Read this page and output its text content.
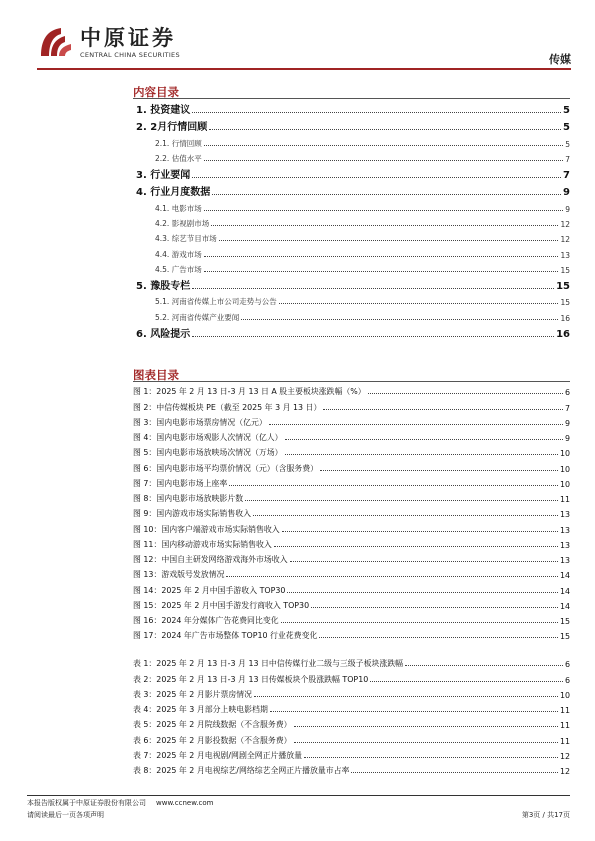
中原证券
CENTRAL CHINA SECURITIES	传媒
内容目录
1. 投资建议	5
2. 2月行情回顾	5
2.1. 行情回顾	5
2.2. 估值水平	7
3. 行业要闻	7
4. 行业月度数据	9
4.1. 电影市场	9
4.2. 影视剧市场	12
4.3. 综艺节目市场	12
4.4. 游戏市场	13
4.5. 广告市场	15
5. 豫股专栏	15
5.1. 河南省传媒上市公司走势与公告	15
5.2. 河南省传媒产业要闻	16
6. 风险提示	16
图表目录
图 1：2025 年 2 月 13 日-3 月 13 日 A 股主要板块涨跌幅（%）	6
图 2：中信传媒板块 PE（截至 2025 年 3 月 13 日）	7
图 3：国内电影市场票房情况（亿元）	9
图 4：国内电影市场观影人次情况（亿人）	9
图 5：国内电影市场放映场次情况（万场）	10
图 6：国内电影市场平均票价情况（元）（含服务费）	10
图 7：国内电影市场上座率	10
图 8：国内电影市场放映影片数	11
图 9：国内游戏市场实际销售收入	13
图 10：国内客户端游戏市场实际销售收入	13
图 11：国内移动游戏市场实际销售收入	13
图 12：中国自主研发网络游戏海外市场收入	13
图 13：游戏版号发放情况	14
图 14：2025 年 2 月中国手游收入 TOP30	14
图 15：2025 年 2 月中国手游发行商收入 TOP30	14
图 16：2024 年分媒体广告花费同比变化	15
图 17：2024 年广告市场整体 TOP10 行业花费变化	15
表 1：2025 年 2 月 13 日-3 月 13 日中信传媒行业二级与三级子板块涨跌幅	6
表 2：2025 年 2 月 13 日-3 月 13 日传媒板块个股涨跌幅 TOP10	6
表 3：2025 年 2 月影片票房情况	10
表 4：2025 年 3 月部分上映电影档期	11
表 5：2025 年 2 月院线数据（不含服务费）	11
表 6：2025 年 2 月影投数据（不含服务费）	11
表 7：2025 年 2 月电视剧/网剧全网正片播放量	12
表 8：2025 年 2 月电视综艺/网络综艺全网正片播放量市占率	12
本报告版权属于中原证券股份有限公司 www.ccnew.com
请阅读最后一页各项声明	第3页 / 共17页
